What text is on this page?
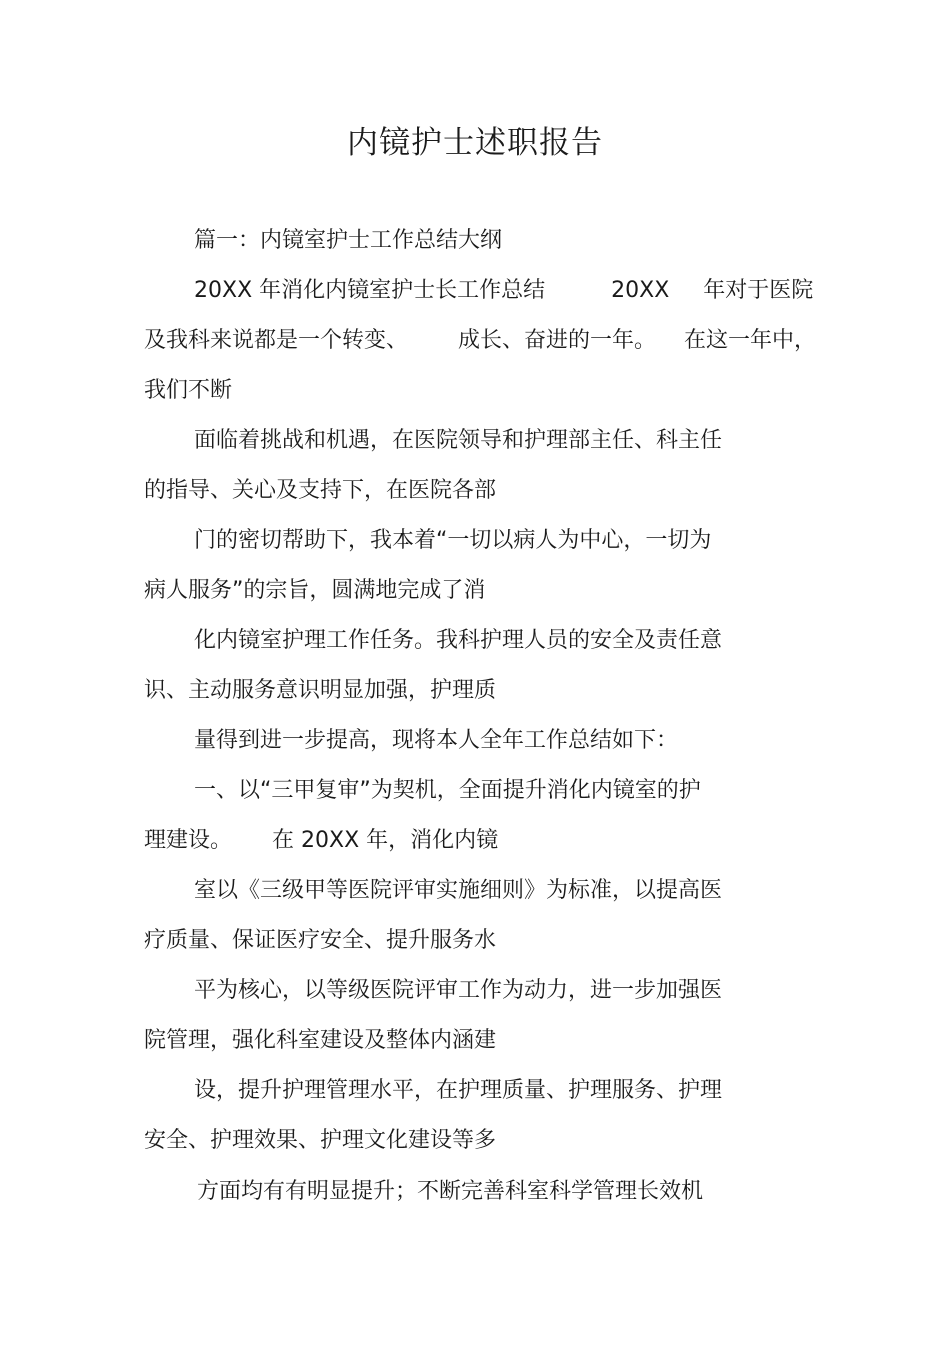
内镜护士述职报告
篇一：内镜室护士工作总结大纲
20XX 年消化内镜室护士长工作总结	20XX 年对于医院
及我科来说都是一个转变、 成长、奋进的一年。 在这一年中，
我们不断
面临着挑战和机遇，在医院领导和护理部主任、科主任
的指导、关心及支持下，在医院各部
门的密切帮助下，我本着“一切以病人为中心，一切为
病人服务”的宗旨，圆满地完成了消
化内镜室护理工作任务。我科护理人员的安全及责任意
识、主动服务意识明显加强，护理质
量得到进一步提高，现将本人全年工作总结如下：
一、以“三甲复审”为契机，全面提升消化内镜室的护
理建设。 在 20XX 年，消化内镜
室以《三级甲等医院评审实施细则》为标准，以提高医
疗质量、保证医疗安全、提升服务水
平为核心，以等级医院评审工作为动力，进一步加强医
院管理，强化科室建设及整体内涵建
设，提升护理管理水平，在护理质量、护理服务、护理
安全、护理效果、护理文化建设等多
方面均有有明显提升；不断完善科室科学管理长效机
